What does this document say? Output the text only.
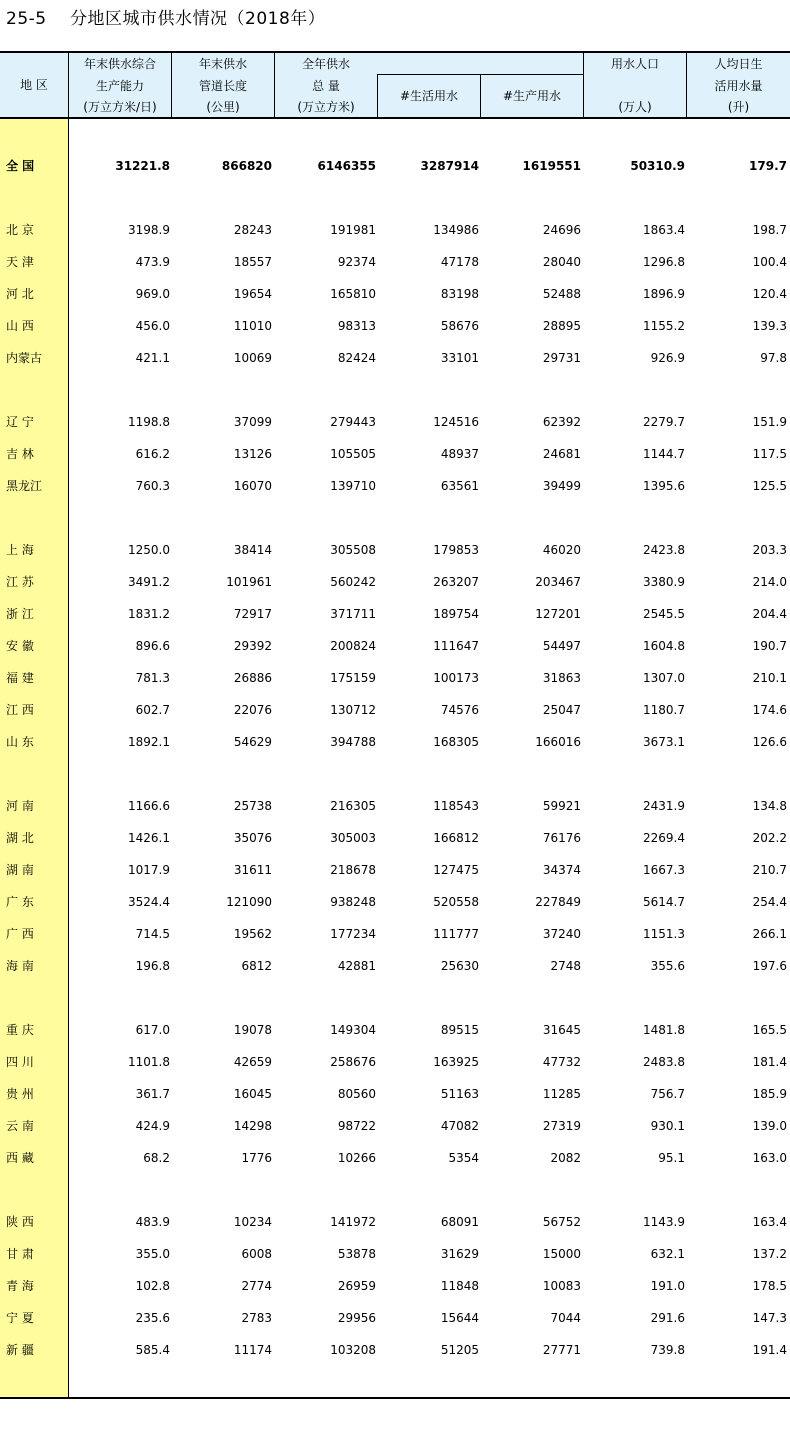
25-5 分地区城市供水情况（2018年）
地 区
年末供水综合
生产能力
(万立方米/日)
年末供水
管道长度
(公里)
全年供水
总 量
(万立方米)
#生活用水	#生产用水
用水人口
(万人)
人均日生
活用水量
(升)
全 国	31221.8	866820	6146355	3287914	1619551	50310.9	179.7
北 京	3198.9	28243	191981	134986	24696	1863.4	198.7
天 津	473.9	18557	92374	47178	28040	1296.8	100.4
河 北	969.0	19654	165810	83198	52488	1896.9	120.4
山 西	456.0	11010	98313	58676	28895	1155.2	139.3
内蒙古	421.1	10069	82424	33101	29731	926.9	97.8
辽 宁	1198.8	37099	279443	124516	62392	2279.7	151.9
吉 林	616.2	13126	105505	48937	24681	1144.7	117.5
黑龙江	760.3	16070	139710	63561	39499	1395.6	125.5
上 海	1250.0	38414	305508	179853	46020	2423.8	203.3
江 苏	3491.2	101961	560242	263207	203467	3380.9	214.0
浙 江	1831.2	72917	371711	189754	127201	2545.5	204.4
安 徽	896.6	29392	200824	111647	54497	1604.8	190.7
福 建	781.3	26886	175159	100173	31863	1307.0	210.1
江 西	602.7	22076	130712	74576	25047	1180.7	174.6
山 东	1892.1	54629	394788	168305	166016	3673.1	126.6
河 南	1166.6	25738	216305	118543	59921	2431.9	134.8
湖 北	1426.1	35076	305003	166812	76176	2269.4	202.2
湖 南	1017.9	31611	218678	127475	34374	1667.3	210.7
广 东	3524.4	121090	938248	520558	227849	5614.7	254.4
广 西	714.5	19562	177234	111777	37240	1151.3	266.1
海 南	196.8	6812	42881	25630	2748	355.6	197.6
重 庆	617.0	19078	149304	89515	31645	1481.8	165.5
四 川	1101.8	42659	258676	163925	47732	2483.8	181.4
贵 州	361.7	16045	80560	51163	11285	756.7	185.9
云 南	424.9	14298	98722	47082	27319	930.1	139.0
西 藏	68.2	1776	10266	5354	2082	95.1	163.0
陕 西	483.9	10234	141972	68091	56752	1143.9	163.4
甘 肃	355.0	6008	53878	31629	15000	632.1	137.2
青 海	102.8	2774	26959	11848	10083	191.0	178.5
宁 夏	235.6	2783	29956	15644	7044	291.6	147.3
新 疆	585.4	11174	103208	51205	27771	739.8	191.4
